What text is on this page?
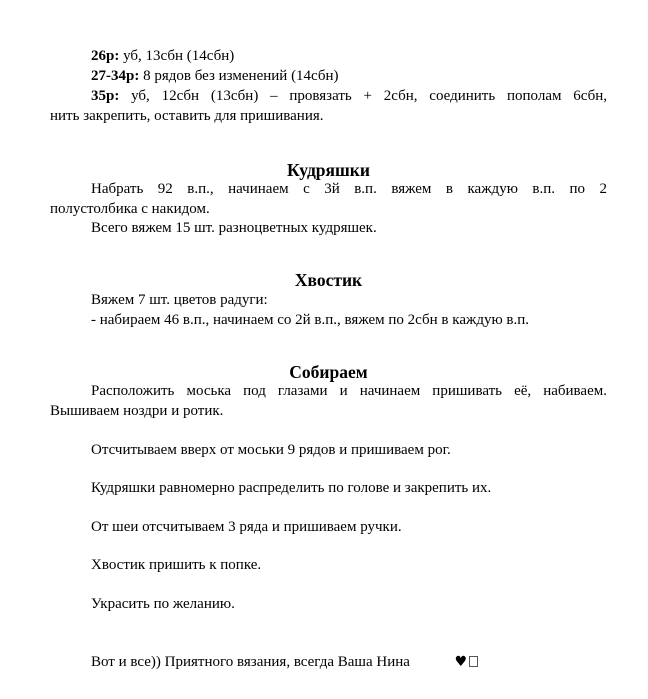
26р: уб, 13сбн (14сбн)

27-34р: 8 рядов без изменений (14сбн)

35р: уб, 12сбн (13сбн) – провязать + 2сбн, соединить пополам 6сбн,

нить закрепить, оставить для пришивания.

Кудряшки

Набрать 92 в.п., начинаем с 3й в.п. вяжем в каждую в.п. по 2

полустолбика с накидом.

Всего вяжем 15 шт. разноцветных кудряшек.

Хвостик

Вяжем 7 шт. цветов радуги:

- набираем 46 в.п., начинаем со 2й в.п., вяжем по 2сбн в каждую в.п.

Собираем

Расположить моська под глазами и начинаем пришивать её, набиваем.

Вышиваем ноздри и ротик.

Отсчитываем вверх от моськи 9 рядов и пришиваем рог.

Кудряшки равномерно распределить по голове и закрепить их.

От шеи отсчитываем 3 ряда и пришиваем ручки.

Хвостик пришить к попке.

Украсить по желанию.

Вот и все)) Приятного вязания, всегда Ваша Нина	♥
